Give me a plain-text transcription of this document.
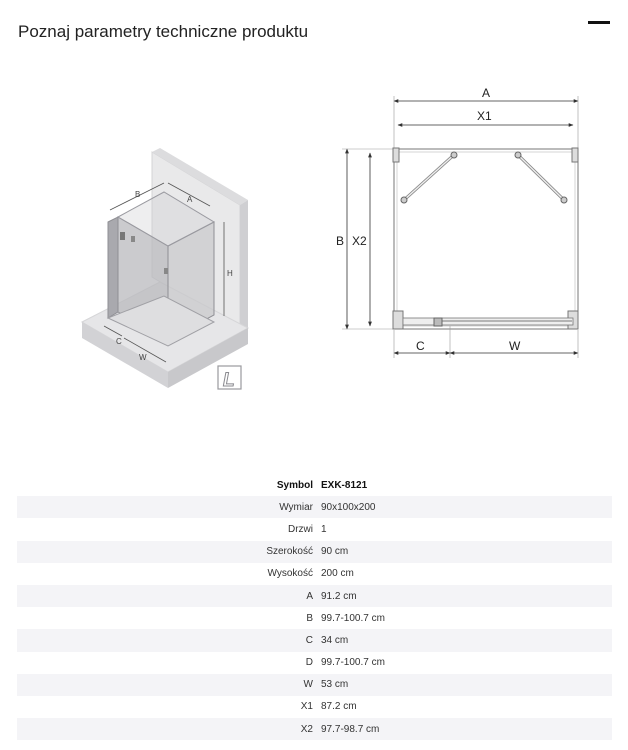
Poznaj parametry techniczne produktu
B
A
H
C
W
L
A
X1
B X2
C	W
Symbol	EXK-8121
Wymiar	90x100x200
Drzwi	1
Szerokość	90 cm
Wysokość	200 cm
A	91.2 cm
B	99.7-100.7 cm
C	34 cm
D	99.7-100.7 cm
W	53 cm
X1	87.2 cm
X2	97.7-98.7 cm
